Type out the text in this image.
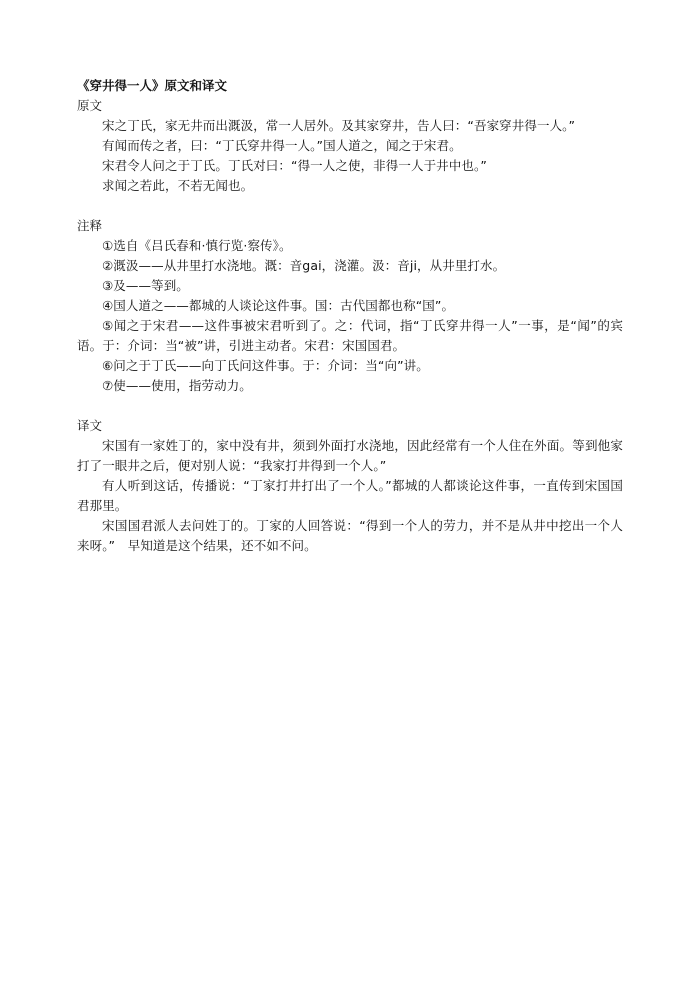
《穿井得一人》原文和译文

原文

宋之丁氏，家无井而出溉汲，常一人居外。及其家穿井，告人曰：“吾家穿井得一人。”

有闻而传之者，曰：“丁氏穿井得一人。”国人道之，闻之于宋君。

宋君令人问之于丁氏。丁氏对曰：“得一人之使，非得一人于井中也。”

求闻之若此，不若无闻也。

注释

①选自《吕氏春和·慎行览·察传》。

②溉汲——从井里打水浇地。溉：音gai，浇灌。汲：音ji，从井里打水。

③及——等到。

④国人道之——都城的人谈论这件事。国：古代国都也称“国”。

⑤闻之于宋君——这件事被宋君听到了。之：代词，指“丁氏穿井得一人”一事，是“闻”的宾语。于：介词：当“被”讲，引进主动者。宋君：宋国国君。

⑥问之于丁氏——向丁氏问这件事。于：介词：当“向”讲。

⑦使——使用，指劳动力。

译文

宋国有一家姓丁的，家中没有井，须到外面打水浇地，因此经常有一个人住在外面。等到他家打了一眼井之后，便对别人说：“我家打井得到一个人。”

有人听到这话，传播说：“丁家打井打出了一个人。”都城的人都谈论这件事，一直传到宋国国君那里。

宋国国君派人去问姓丁的。丁家的人回答说：“得到一个人的劳力，并不是从井中挖出一个人来呀。”　早知道是这个结果，还不如不问。
